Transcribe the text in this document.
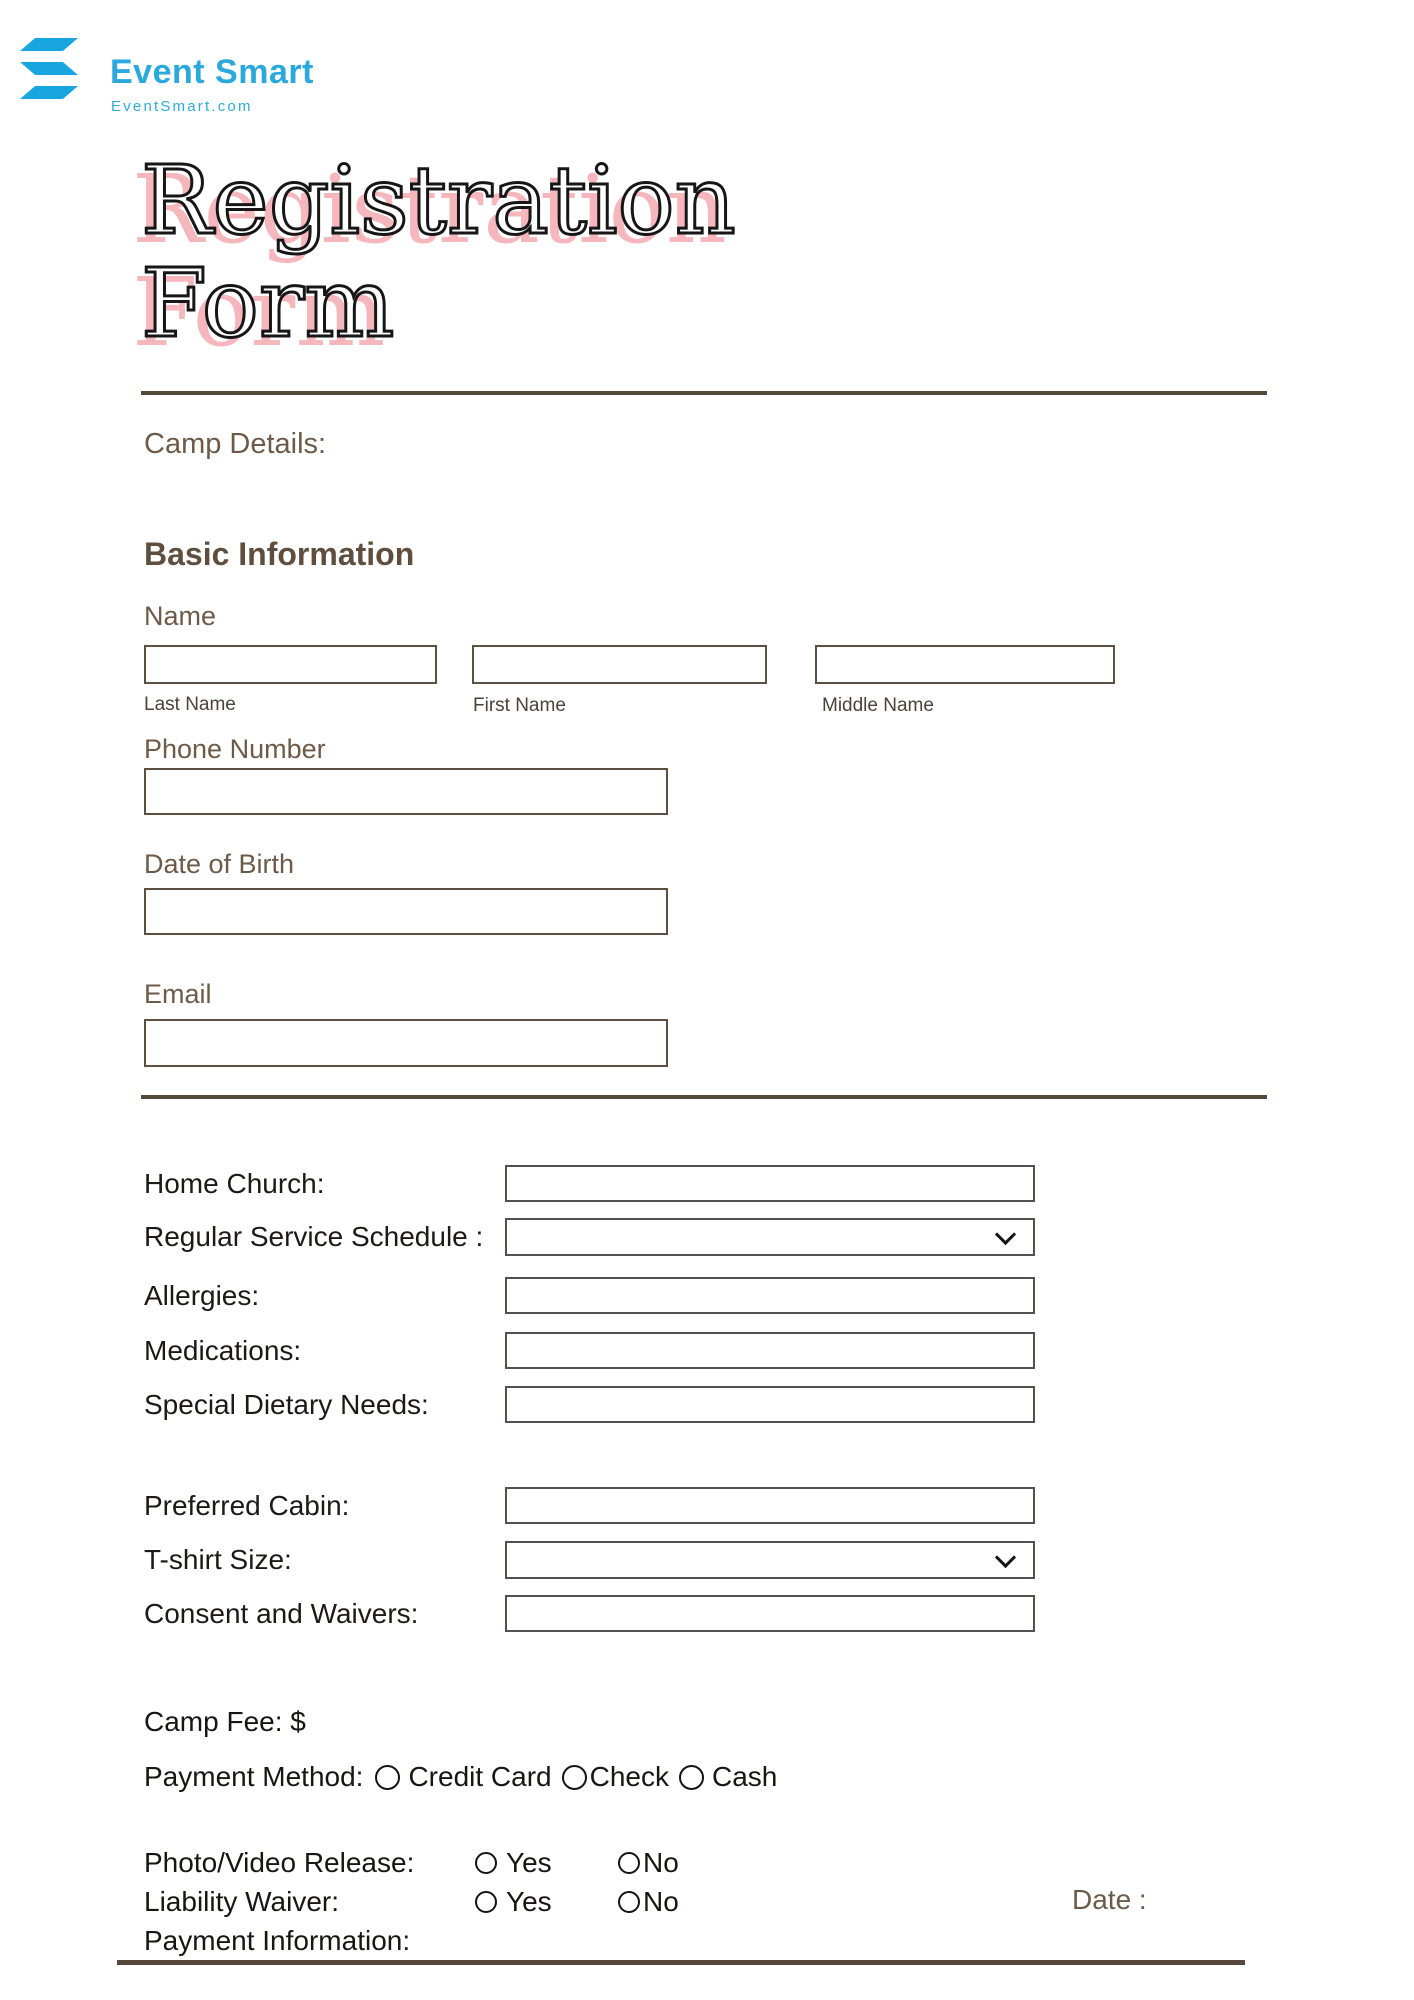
Event Smart
EventSmart.com
Registration
Form
Camp Details:
Basic Information
Name
Last Name	First Name	Middle Name
Phone Number
Date of Birth
Email
Home Church:
Regular Service Schedule :
Allergies:
Medications:
Special Dietary Needs:
Preferred Cabin:
T-shirt Size:
Consent and Waivers:
Camp Fee: $
Payment Method: Credit Card Check Cash
Photo/Video Release:	Yes	No
Liability Waiver:	Yes	No
Payment Information:
Date :
